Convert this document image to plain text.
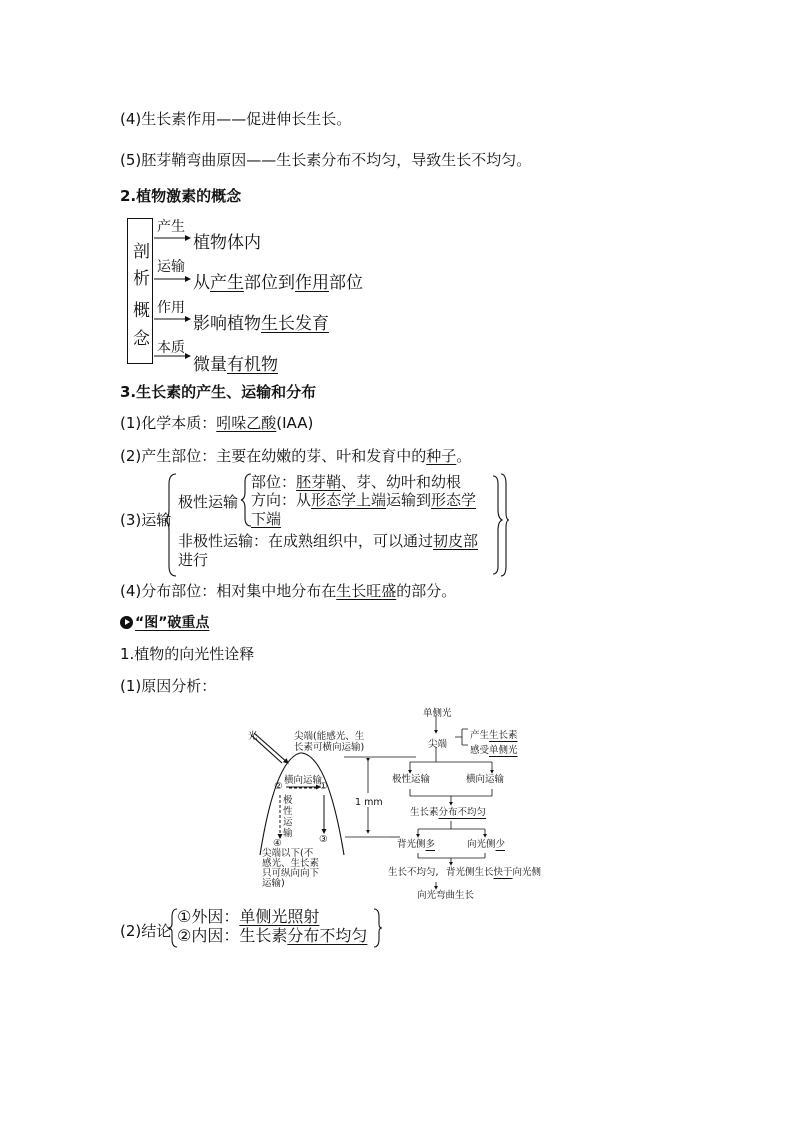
(4)生长素作用——促进伸长生长。
(5)胚芽鞘弯曲原因——生长素分布不均匀，导致生长不均匀。
2.植物激素的概念
剖
析
概
念
产生
运输
作用
本质
植物体内
从产生部位到作用部位
影响植物生长发育
微量有机物
3.生长素的产生、运输和分布
(1)化学本质：吲哚乙酸(IAA)
(2)产生部位：主要在幼嫩的芽、叶和发育中的种子。
(3)运输
极性运输
部位：胚芽鞘、芽、幼叶和幼根
方向：从形态学上端运输到形态学
下端
非极性运输：在成熟组织中，可以通过韧皮部
进行
(4)分布部位：相对集中地分布在生长旺盛的部分。
“图”破重点
1.植物的向光性诠释
(1)原因分析：
光	尖端(能感光、生
长素可横向运输)
横向运输
②	①
极
性
运
输
③
④
尖端以下(不
感光、生长素
只可纵向向下
运输)
1 mm
单侧光
尖端
产生生长素
感受单侧光
极性运输	横向运输
生长素分布不均匀
背光侧多	向光侧少
生长不均匀, 背光侧生长快于向光侧
向光弯曲生长
(2)结论
①外因：单侧光照射
②内因：生长素分布不均匀
